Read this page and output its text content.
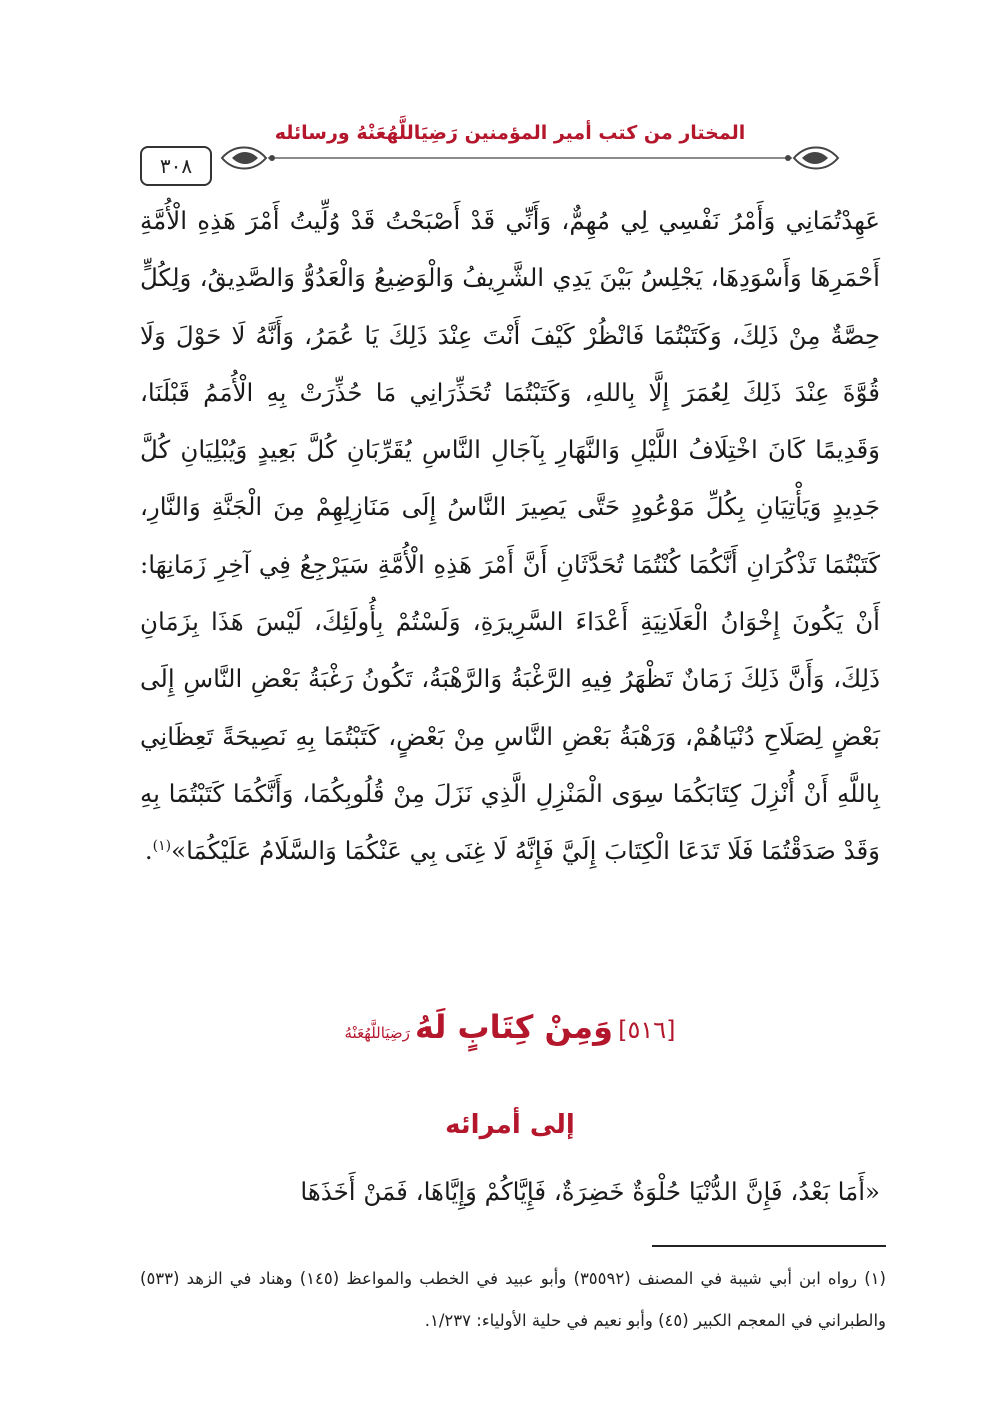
المختار من كتب أمير المؤمنين رَضِيَاللَّهُعَنْهُ ورسائله
٣٠٨

عَهِدْتُمَانِي وَأَمْرُ نَفْسِي لِي مُهِمٌّ، وَأَنِّي قَدْ أَصْبَحْتُ قَدْ وُلِّيتُ أَمْرَ هَذِهِ الْأُمَّةِ أَحْمَرِهَا وَأَسْوَدِهَا، يَجْلِسُ بَيْنَ يَدِي الشَّرِيفُ وَالْوَضِيعُ وَالْعَدُوُّ وَالصَّدِيقُ، وَلِكُلٍّ حِصَّةٌ مِنْ ذَلِكَ، وَكَتَبْتُمَا فَانْظُرْ كَيْفَ أَنْتَ عِنْدَ ذَلِكَ يَا عُمَرُ، وَأَنَّهُ لَا حَوْلَ وَلَا قُوَّةَ عِنْدَ ذَلِكَ لِعُمَرَ إِلَّا بِاللهِ، وَكَتَبْتُمَا تُحَذِّرَانِي مَا حُذِّرَتْ بِهِ الْأُمَمُ قَبْلَنَا، وَقَدِيمًا كَانَ اخْتِلَافُ اللَّيْلِ وَالنَّهَارِ بِآجَالِ النَّاسِ يُقَرِّبَانِ كُلَّ بَعِيدٍ وَيُبْلِيَانِ كُلَّ جَدِيدٍ وَيَأْتِيَانِ بِكُلِّ مَوْعُودٍ حَتَّى يَصِيرَ النَّاسُ إِلَى مَنَازِلِهِمْ مِنَ الْجَنَّةِ وَالنَّارِ، كَتَبْتُمَا تَذْكُرَانِ أَنَّكُمَا كُنْتُمَا تُحَدَّثَانِ أَنَّ أَمْرَ هَذِهِ الْأُمَّةِ سَيَرْجِعُ فِي آخِرِ زَمَانِهَا: أَنْ يَكُونَ إِخْوَانُ الْعَلَانِيَةِ أَعْدَاءَ السَّرِيرَةِ، وَلَسْتُمْ بِأُولَئِكَ، لَيْسَ هَذَا بِزَمَانِ ذَلِكَ، وَأَنَّ ذَلِكَ زَمَانٌ تَظْهَرُ فِيهِ الرَّغْبَةُ وَالرَّهْبَةُ، تَكُونُ رَغْبَةُ بَعْضِ النَّاسِ إِلَى بَعْضٍ لِصَلَاحِ دُنْيَاهُمْ، وَرَهْبَةُ بَعْضِ النَّاسِ مِنْ بَعْضٍ، كَتَبْتُمَا بِهِ نَصِيحَةً تَعِظَانِي بِاللَّهِ أَنْ أُنْزِلَ كِتَابَكُمَا سِوَى الْمَنْزِلِ الَّذِي نَزَلَ مِنْ قُلُوبِكُمَا، وَأَنَّكُمَا كَتَبْتُمَا بِهِ وَقَدْ صَدَقْتُمَا فَلَا تَدَعَا الْكِتَابَ إِلَيَّ فَإِنَّهُ لَا غِنَى بِي عَنْكُمَا وَالسَّلَامُ عَلَيْكُمَا»$^{(١)}$.

[٥١٦] وَمِنْ كِتَابٍ لَهُ رَضِيَاللَّهُعَنْهُ
إلى أمرائه

«أَمَا بَعْدُ، فَإِنَّ الدُّنْيَا حُلْوَةٌ خَضِرَةٌ، فَإِيَّاكُمْ وَإِيَّاهَا، فَمَنْ أَخَذَهَا

(١) رواه ابن أبي شيبة في المصنف (٣٥٥٩٢) وأبو عبيد في الخطب والمواعظ (١٤٥) وهناد في الزهد (٥٣٣) والطبراني في المعجم الكبير (٤٥) وأبو نعيم في حلية الأولياء: ١/٢٣٧.
